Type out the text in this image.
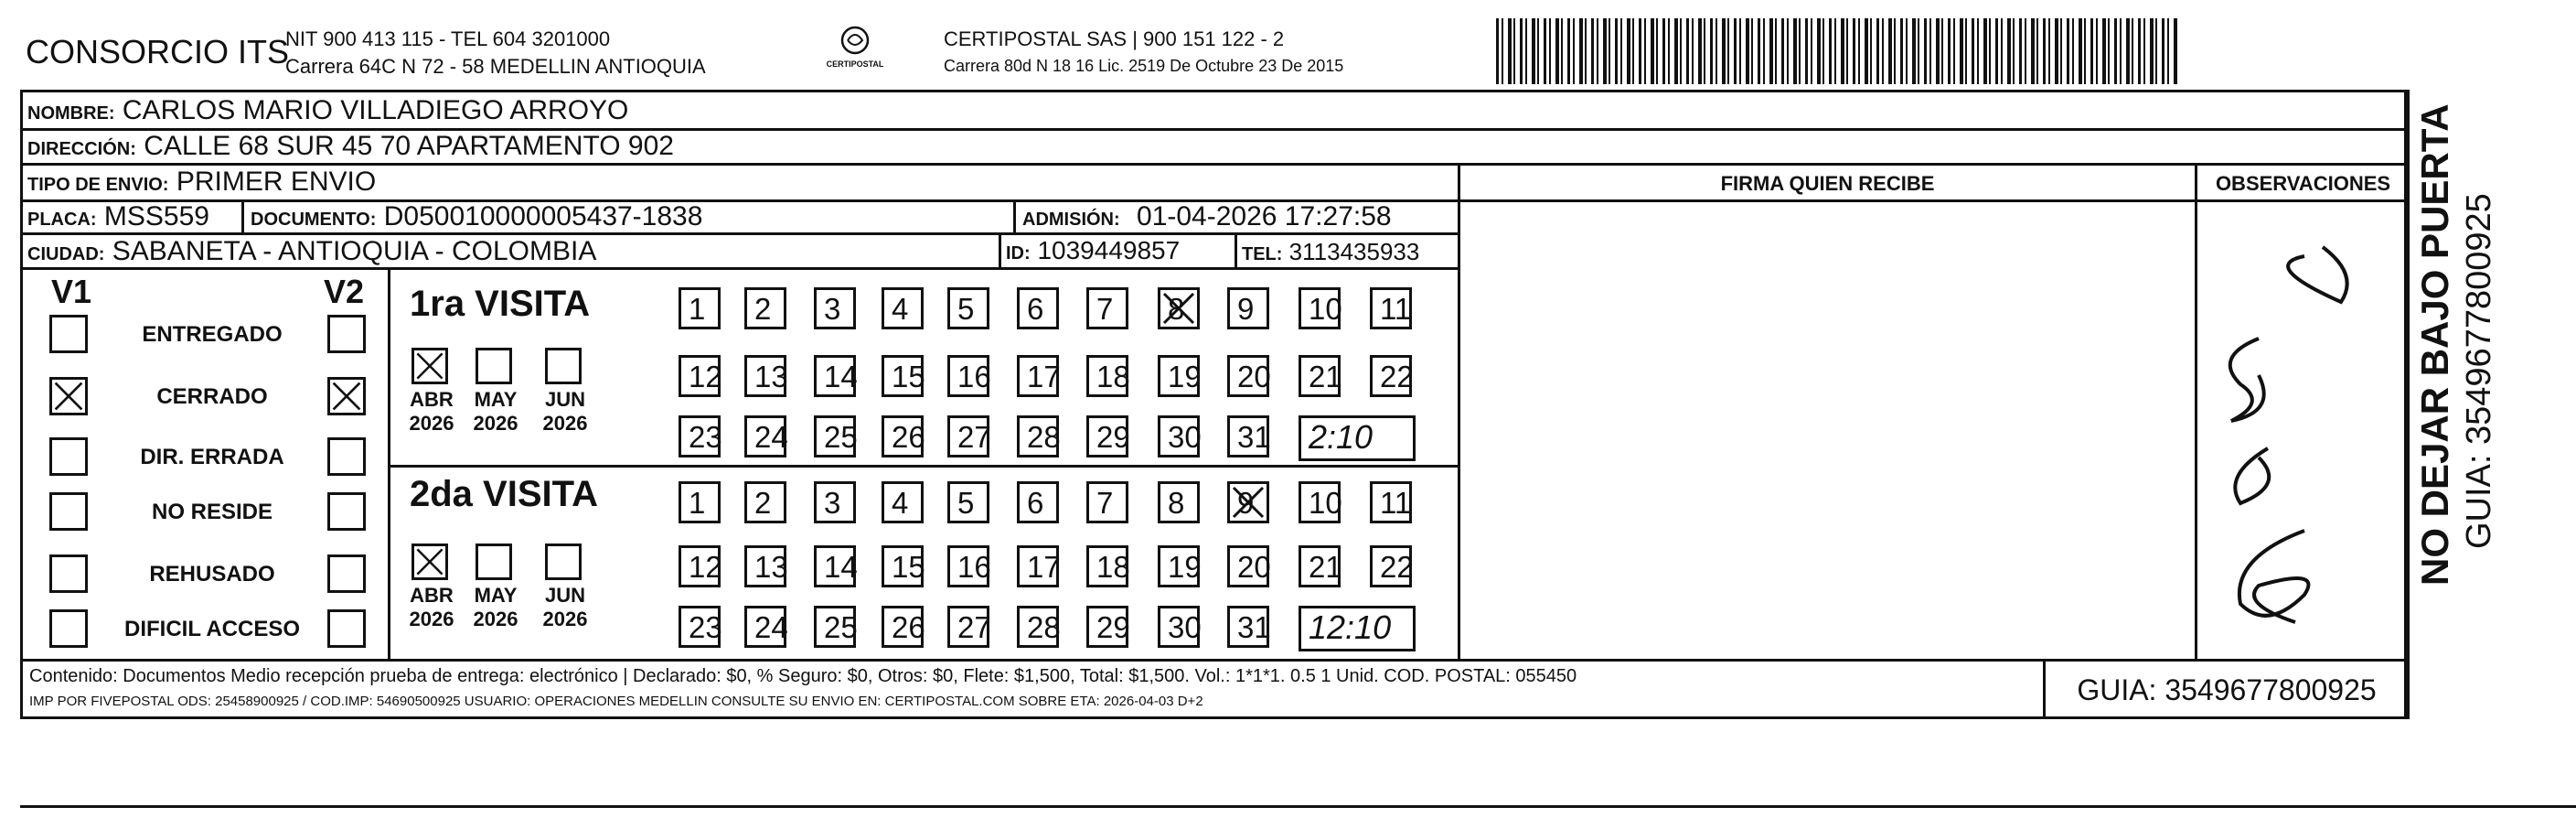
CONSORCIO ITS
NIT 900 413 115 - TEL 604 3201000
Carrera 64C N 72 - 58 MEDELLIN ANTIOQUIA	CERTIPOSTAL
CERTIPOSTAL SAS | 900 151 122 - 2
Carrera 80d N 18 16 Lic. 2519 De Octubre 23 De 2015
NOMBRE: CARLOS MARIO VILLADIEGO ARROYO
DIRECCIÓN: CALLE 68 SUR 45 70 APARTAMENTO 902
TIPO DE ENVIO: PRIMER ENVIO	FIRMA QUIEN RECIBE	OBSERVACIONES
PLACA: MSS559 DOCUMENTO: D050010000005437-1838	ADMISIÓN: 01-04-2026 17:27:58
CIUDAD: SABANETA - ANTIOQUIA - COLOMBIA	ID: 1039449857	TEL: 3113435933
V1	V2
ENTREGADO
CERRADO
DIR. ERRADA
NO RESIDE
REHUSADO
DIFICIL ACCESO
1ra VISITA
ABR
2026
MAY
2026
JUN
2026
1	2	3	4	5	6	7	8	9	10	11
12	13	14	15	16	17	18	19	20	21	22
23	24	25	26	27	28	29	30	31	2:10
2da VISITA
ABR
2026
MAY
2026
JUN
2026
1	2	3	4	5	6	7	8	9	10	11
12	13	14	15	16	17	18	19	20	21	22
23	24	25	26	27	28	29	30	31	12:10
Contenido: Documentos Medio recepción prueba de entrega: electrónico | Declarado: $0, % Seguro: $0, Otros: $0, Flete: $1,500, Total: $1,500. Vol.: 1*1*1. 0.5 1 Unid. COD. POSTAL: 055450
IMP POR FIVEPOSTAL ODS: 25458900925 / COD.IMP: 54690500925 USUARIO: OPERACIONES MEDELLIN CONSULTE SU ENVIO EN: CERTIPOSTAL.COM SOBRE ETA: 2026-04-03 D+2	GUIA: 3549677800925
NO DEJAR BAJO PUERTA GUIA: 3549677800925
